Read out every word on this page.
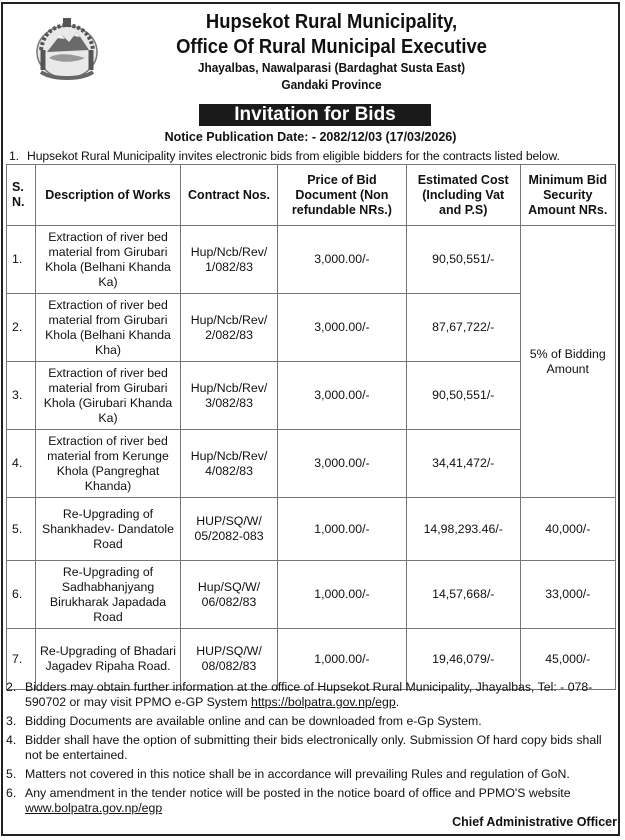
Hupsekot Rural Municipality,
Office Of Rural Municipal Executive
Jhayalbas, Nawalparasi (Bardaghat Susta East)
Gandaki Province
Invitation for Bids
Notice Publication Date: - 2082/12/03 (17/03/2026)
1. Hupsekot Rural Municipality invites electronic bids from eligible bidders for the contracts listed below.
S. N.	Description of Works	Contract Nos.	Price of Bid Document (Non refundable NRs.)	Estimated Cost (Including Vat and P.S)	Minimum Bid Security Amount NRs.
1.	Extraction of river bed material from Girubari Khola (Belhani Khanda Ka)	Hup/Ncb/Rev/ 1/082/83	3,000.00/-	90,50,551/-	5% of Bidding Amount
2.	Extraction of river bed material from Girubari Khola (Belhani Khanda Kha)	Hup/Ncb/Rev/ 2/082/83	3,000.00/-	87,67,722/-	
3.	Extraction of river bed material from Girubari Khola (Girubari Khanda Ka)	Hup/Ncb/Rev/ 3/082/83	3,000.00/-	90,50,551/-	
4.	Extraction of river bed material from Kerunge Khola (Pangreghat Khanda)	Hup/Ncb/Rev/ 4/082/83	3,000.00/-	34,41,472/-	
5.	Re-Upgrading of Shankhadev- Dandatole Road	HUP/SQ/W/ 05/2082-083	1,000.00/-	14,98,293.46/-	40,000/-
6.	Re-Upgrading of Sadhabhanjyang Birukharak Japadada Road	Hup/SQ/W/ 06/082/83	1,000.00/-	14,57,668/-	33,000/-
7.	Re-Upgrading of Bhadari Jagadev Ripaha Road.	HUP/SQ/W/ 08/082/83	1,000.00/-	19,46,079/-	45,000/-
2. Bidders may obtain further information at the office of Hupsekot Rural Municipality, Jhayalbas, Tel: - 078-590702 or may visit PPMO e-GP System https://bolpatra.gov.np/egp.
3. Bidding Documents are available online and can be downloaded from e-Gp System.
4. Bidder shall have the option of submitting their bids electronically only. Submission Of hard copy bids shall not be entertained.
5. Matters not covered in this notice shall be in accordance will prevailing Rules and regulation of GoN.
6. Any amendment in the tender notice will be posted in the notice board of office and PPMO'S website www.bolpatra.gov.np/egp
Chief Administrative Officer
